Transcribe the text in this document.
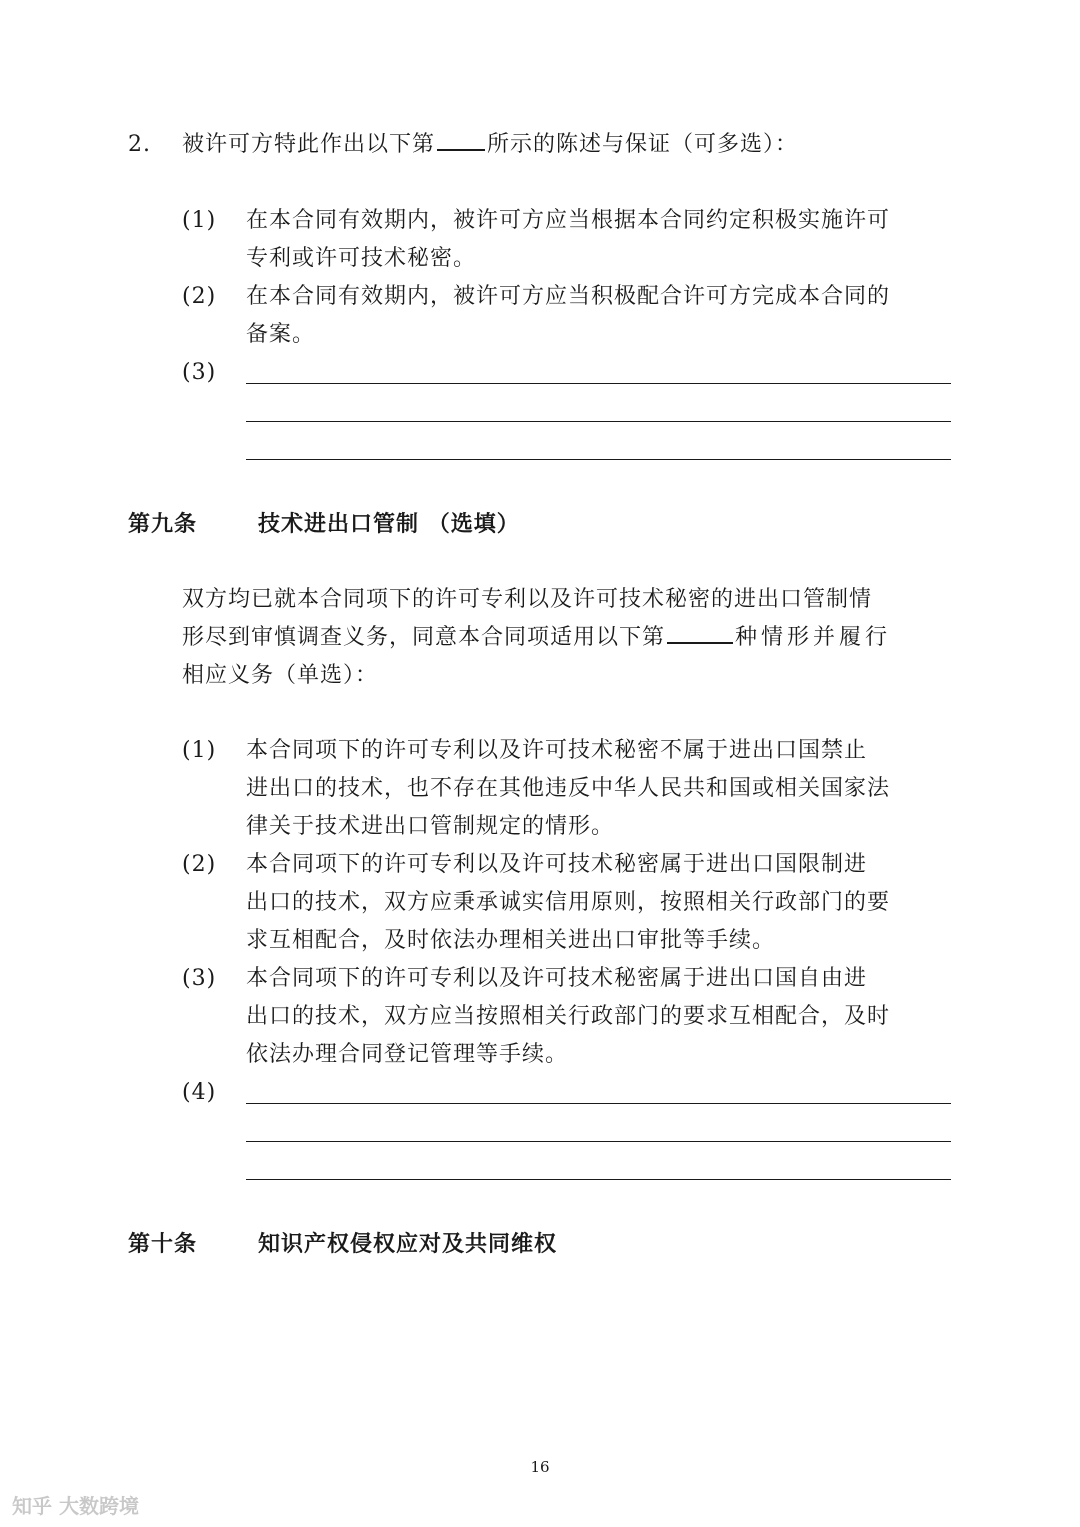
2. 被许可方特此作出以下第 所示的陈述与保证（可多选）：
(1) 在本合同有效期内，被许可方应当根据本合同约定积极实施许可
专利或许可技术秘密。
(2) 在本合同有效期内，被许可方应当积极配合许可方完成本合同的
备案。
(3)
第九条	技术进出口管制 （选填）
双方均已就本合同项下的许可专利以及许可技术秘密的进出口管制情
形尽到审慎调查义务，同意本合同项适用以下第	种情形并履行
相应义务（单选）：
(1) 本合同项下的许可专利以及许可技术秘密不属于进出口国禁止
进出口的技术，也不存在其他违反中华人民共和国或相关国家法
律关于技术进出口管制规定的情形。
(2) 本合同项下的许可专利以及许可技术秘密属于进出口国限制进
出口的技术，双方应秉承诚实信用原则，按照相关行政部门的要
求互相配合，及时依法办理相关进出口审批等手续。
(3) 本合同项下的许可专利以及许可技术秘密属于进出口国自由进
出口的技术，双方应当按照相关行政部门的要求互相配合，及时
依法办理合同登记管理等手续。
(4)
第十条	知识产权侵权应对及共同维权
16
知乎 大数跨境
